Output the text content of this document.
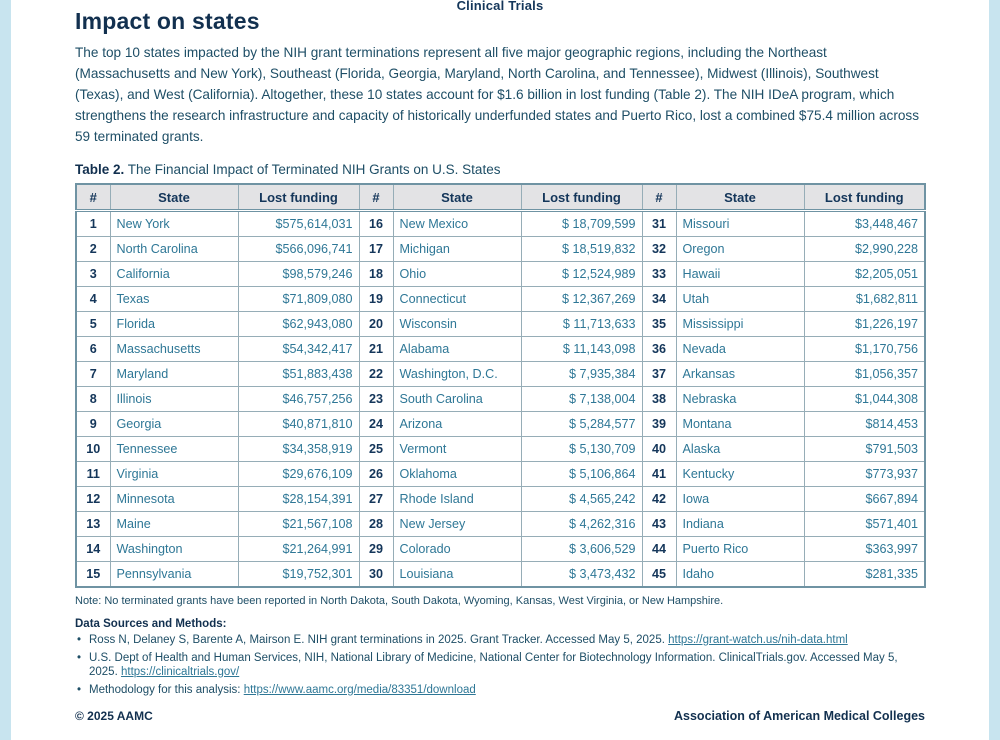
Clinical Trials
Impact on states

The top 10 states impacted by the NIH grant terminations represent all five major geographic regions, including the Northeast (Massachusetts and New York), Southeast (Florida, Georgia, Maryland, North Carolina, and Tennessee), Midwest (Illinois), Southwest (Texas), and West (California). Altogether, these 10 states account for $1.6 billion in lost funding (Table 2). The NIH IDeA program, which strengthens the research infrastructure and capacity of historically underfunded states and Puerto Rico, lost a combined $75.4 million across 59 terminated grants.

Table 2. The Financial Impact of Terminated NIH Grants on U.S. States
#	State	Lost funding	#	State	Lost funding	#	State	Lost funding
1	New York	$575,614,031	16	New Mexico	$ 18,709,599	31	Missouri	$3,448,467
2	North Carolina	$566,096,741	17	Michigan	$ 18,519,832	32	Oregon	$2,990,228
3	California	$98,579,246	18	Ohio	$ 12,524,989	33	Hawaii	$2,205,051
4	Texas	$71,809,080	19	Connecticut	$ 12,367,269	34	Utah	$1,682,811
5	Florida	$62,943,080	20	Wisconsin	$ 11,713,633	35	Mississippi	$1,226,197
6	Massachusetts	$54,342,417	21	Alabama	$ 11,143,098	36	Nevada	$1,170,756
7	Maryland	$51,883,438	22	Washington, D.C.	$ 7,935,384	37	Arkansas	$1,056,357
8	Illinois	$46,757,256	23	South Carolina	$ 7,138,004	38	Nebraska	$1,044,308
9	Georgia	$40,871,810	24	Arizona	$ 5,284,577	39	Montana	$814,453
10	Tennessee	$34,358,919	25	Vermont	$ 5,130,709	40	Alaska	$791,503
11	Virginia	$29,676,109	26	Oklahoma	$ 5,106,864	41	Kentucky	$773,937
12	Minnesota	$28,154,391	27	Rhode Island	$ 4,565,242	42	Iowa	$667,894
13	Maine	$21,567,108	28	New Jersey	$ 4,262,316	43	Indiana	$571,401
14	Washington	$21,264,991	29	Colorado	$ 3,606,529	44	Puerto Rico	$363,997
15	Pennsylvania	$19,752,301	30	Louisiana	$ 3,473,432	45	Idaho	$281,335
Note: No terminated grants have been reported in North Dakota, South Dakota, Wyoming, Kansas, West Virginia, or New Hampshire.
Data Sources and Methods:
• Ross N, Delaney S, Barente A, Mairson E. NIH grant terminations in 2025. Grant Tracker. Accessed May 5, 2025. https://grant-watch.us/nih-data.html
• U.S. Dept of Health and Human Services, NIH, National Library of Medicine, National Center for Biotechnology Information. ClinicalTrials.gov. Accessed May 5, 2025. https://clinicaltrials.gov/
• Methodology for this analysis: https://www.aamc.org/media/83351/download
© 2025 AAMC	Association of American Medical Colleges
